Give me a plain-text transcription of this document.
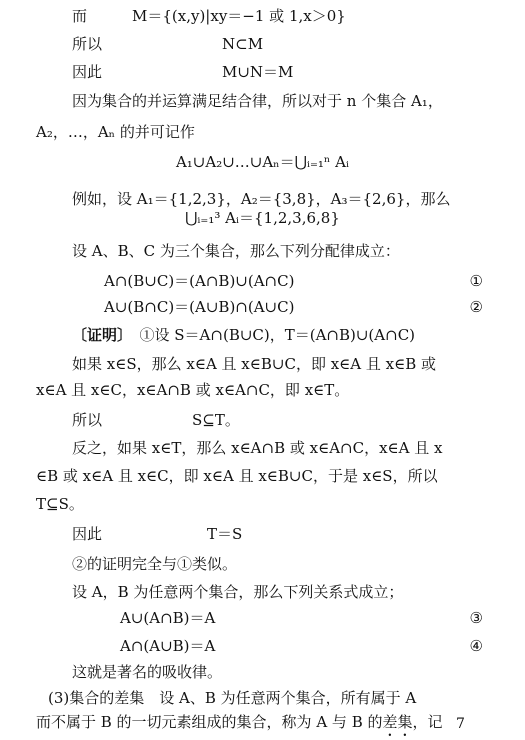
而　　　M＝{(x,y)|xy＝−1 或 1,x＞0}
所以　　　　　　　　N⊂M
因此　　　　　　　　M∪N＝M
因为集合的并运算满足结合律，所以对于 n 个集合 A₁，
A₂，…，Aₙ 的并可记作
A₁∪A₂∪…∪Aₙ＝⋃ᵢ₌₁ⁿ Aᵢ
例如，设 A₁＝{1,2,3}，A₂＝{3,8}，A₃＝{2,6}，那么
⋃ᵢ₌₁³ Aᵢ＝{1,2,3,6,8}
设 A、B、C 为三个集合，那么下列分配律成立：
A∩(B∪C)＝(A∩B)∪(A∩C)	①
A∪(B∩C)＝(A∪B)∩(A∪C)	②
〔证明〕　①设 S＝A∩(B∪C)，T＝(A∩B)∪(A∩C)
如果 x∈S，那么 x∈A 且 x∈B∪C，即 x∈A 且 x∈B 或
x∈A 且 x∈C，x∈A∩B 或 x∈A∩C，即 x∈T。
所以　　　　　　S⊆T。
反之，如果 x∈T，那么 x∈A∩B 或 x∈A∩C，x∈A 且 x
∈B 或 x∈A 且 x∈C，即 x∈A 且 x∈B∪C，于是 x∈S，所以
T⊆S。
因此　　　　　　　T＝S
②的证明完全与①类似。
设 A，B 为任意两个集合，那么下列关系式成立；
A∪(A∩B)＝A	③
A∩(A∪B)＝A	④
这就是著名的吸收律。
(3)集合的差集　设 A、B 为任意两个集合，所有属于 A
而不属于 B 的一切元素组成的集合，称为 A 与 B 的差集，记 7
